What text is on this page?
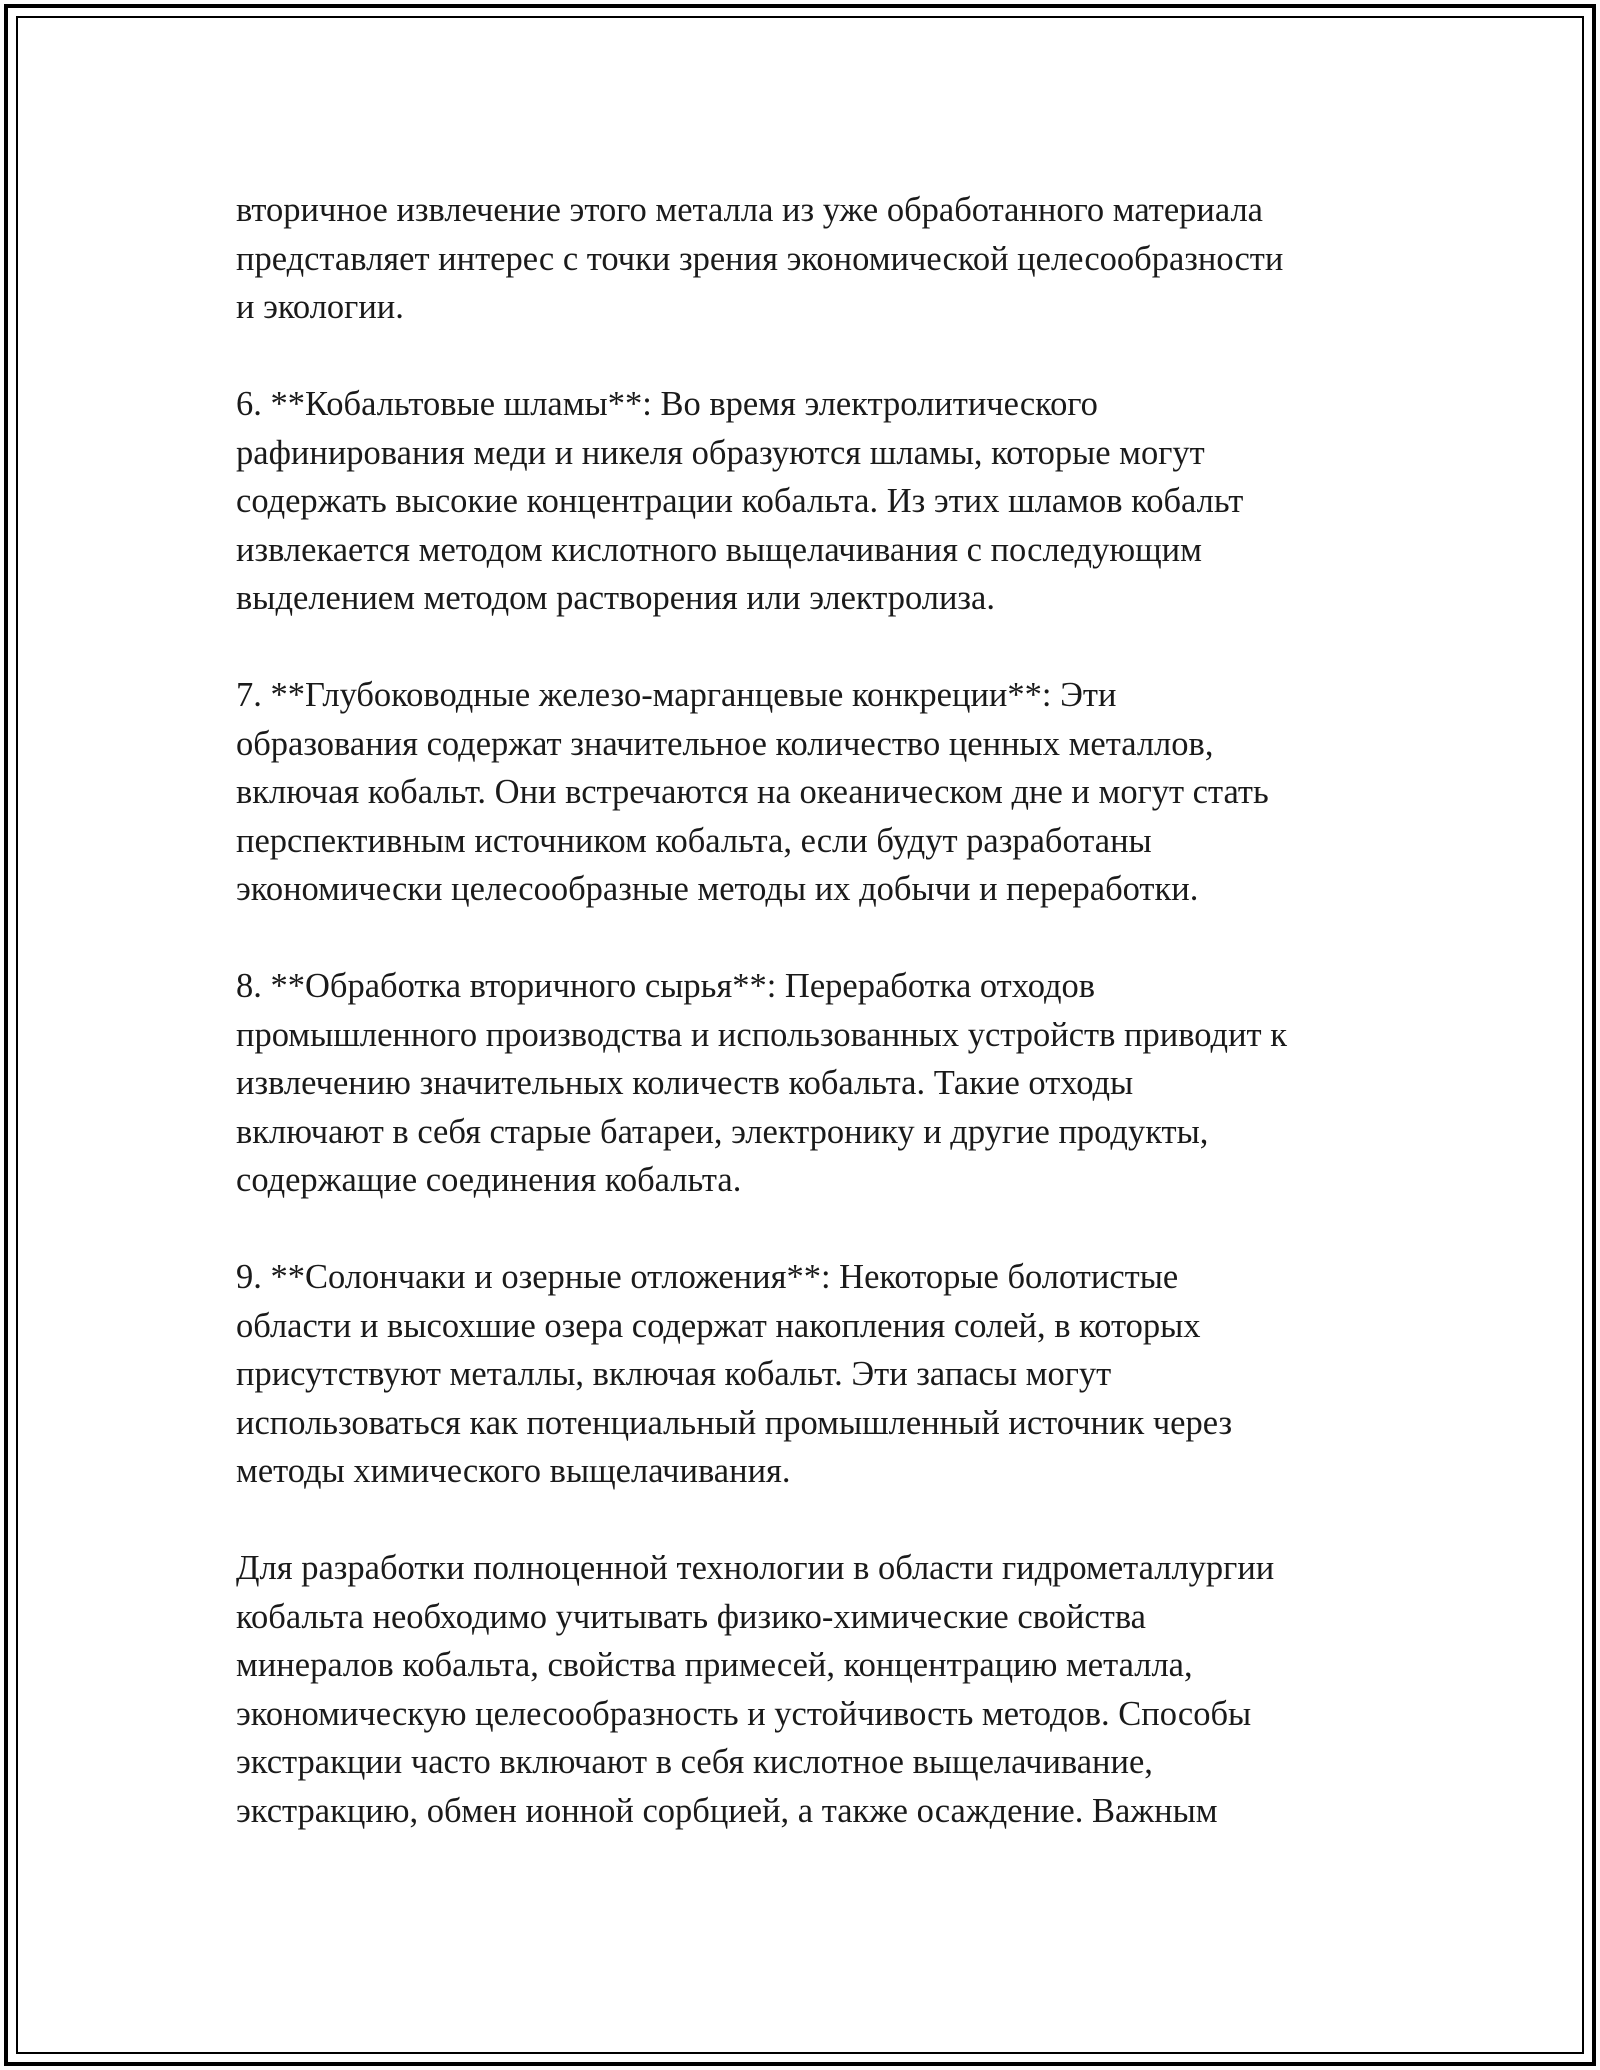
вторичное извлечение этого металла из уже обработанного материала
представляет интерес с точки зрения экономической целесообразности
и экологии.

6. **Кобальтовые шламы**: Во время электролитического
рафинирования меди и никеля образуются шламы, которые могут
содержать высокие концентрации кобальта. Из этих шламов кобальт
извлекается методом кислотного выщелачивания с последующим
выделением методом растворения или электролиза.

7. **Глубоководные железо-марганцевые конкреции**: Эти
образования содержат значительное количество ценных металлов,
включая кобальт. Они встречаются на океаническом дне и могут стать
перспективным источником кобальта, если будут разработаны
экономически целесообразные методы их добычи и переработки.

8. **Обработка вторичного сырья**: Переработка отходов
промышленного производства и использованных устройств приводит к
извлечению значительных количеств кобальта. Такие отходы
включают в себя старые батареи, электронику и другие продукты,
содержащие соединения кобальта.

9. **Солончаки и озерные отложения**: Некоторые болотистые
области и высохшие озера содержат накопления солей, в которых
присутствуют металлы, включая кобальт. Эти запасы могут
использоваться как потенциальный промышленный источник через
методы химического выщелачивания.

Для разработки полноценной технологии в области гидрометаллургии
кобальта необходимо учитывать физико-химические свойства
минералов кобальта, свойства примесей, концентрацию металла,
экономическую целесообразность и устойчивость методов. Способы
экстракции часто включают в себя кислотное выщелачивание,
экстракцию, обмен ионной сорбцией, а также осаждение. Важным
